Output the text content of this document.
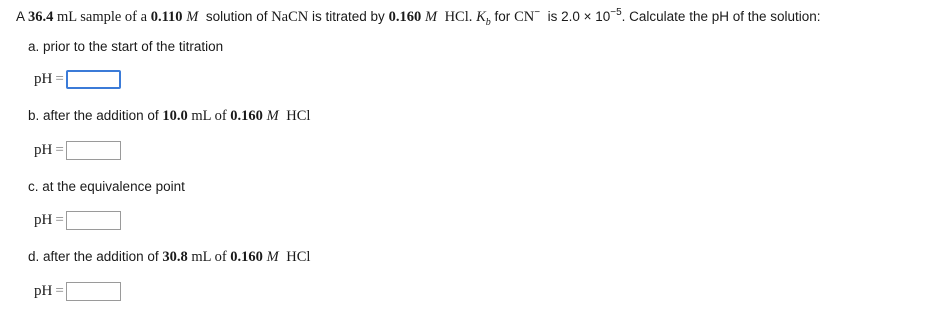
A 36.4 mL sample of a 0.110 M solution of NaCN is titrated by 0.160 M HCl. $K_b$ for CN− is $2.0 \times 10^{-5}$. Calculate the pH of the solution:
a. prior to the start of the titration
pH =
b. after the addition of 10.0 mL of 0.160 M HCl
pH =
c. at the equivalence point
pH =
d. after the addition of 30.8 mL of 0.160 M HCl
pH =
